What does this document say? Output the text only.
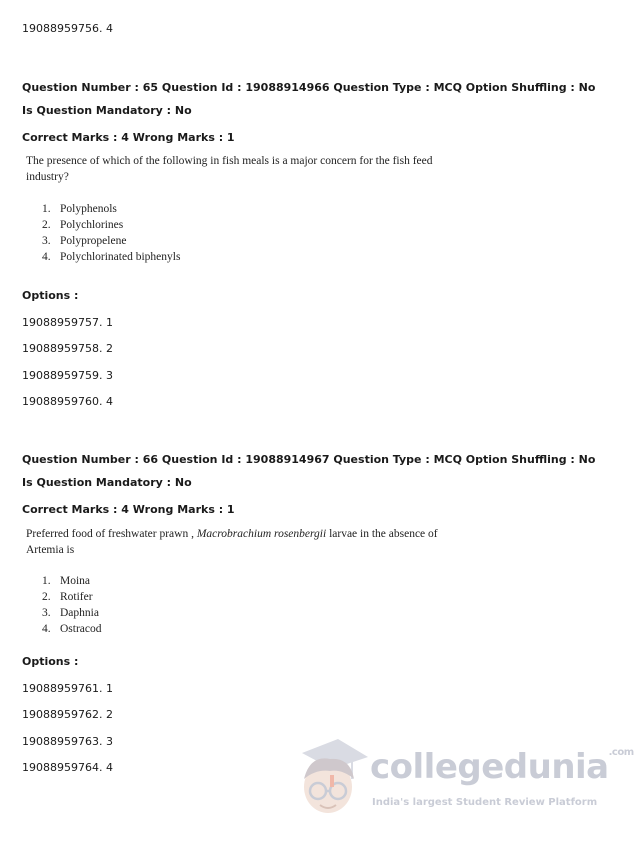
19088959756. 4
Question Number : 65 Question Id : 19088914966 Question Type : MCQ Option Shuffling : No
Is Question Mandatory : No
Correct Marks : 4 Wrong Marks : 1
The presence of which of the following in fish meals is a major concern for the fish feed
industry?
1. Polyphenols
2. Polychlorines
3. Polypropelene
4. Polychlorinated biphenyls
Options :
19088959757. 1
19088959758. 2
19088959759. 3
19088959760. 4
Question Number : 66 Question Id : 19088914967 Question Type : MCQ Option Shuffling : No
Is Question Mandatory : No
Correct Marks : 4 Wrong Marks : 1
Preferred food of freshwater prawn , Macrobrachium rosenbergii larvae in the absence of
Artemia is
1. Moina
2. Rotifer
3. Daphnia
4. Ostracod
Options :
19088959761. 1
19088959762. 2
19088959763. 3
19088959764. 4	collegedunia$^{.com}$
India's largest Student Review Platform
